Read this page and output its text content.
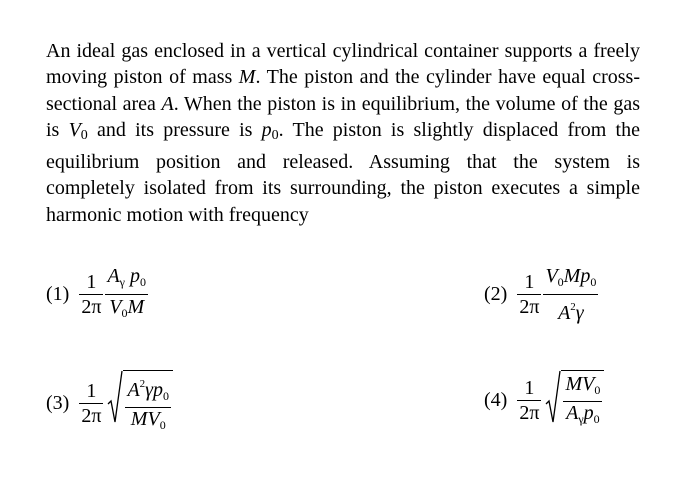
An ideal gas enclosed in a vertical cylindrical container supports a freely moving piston of mass M. The piston and the cylinder have equal cross-sectional area A. When the piston is in equilibrium, the volume of the gas is $V_0$ and its pressure is $p_0$. The piston is slightly displaced from the equilibrium position and released. Assuming that the system is completely isolated from its surrounding, the piston executes a simple harmonic motion with frequency

$(1) \frac{1}{2\pi} \frac{A_\gamma p_0}{V_0M}$	$(2) \frac{1}{2\pi} \frac{V_0Mp_0}{A^2\gamma}$
$(3) \frac{1}{2\pi} \frac{A^2\gamma p_0}{MV_0}$	$(4) \frac{1}{2\pi} \frac{MV_0}{A_\gamma p_0}$
